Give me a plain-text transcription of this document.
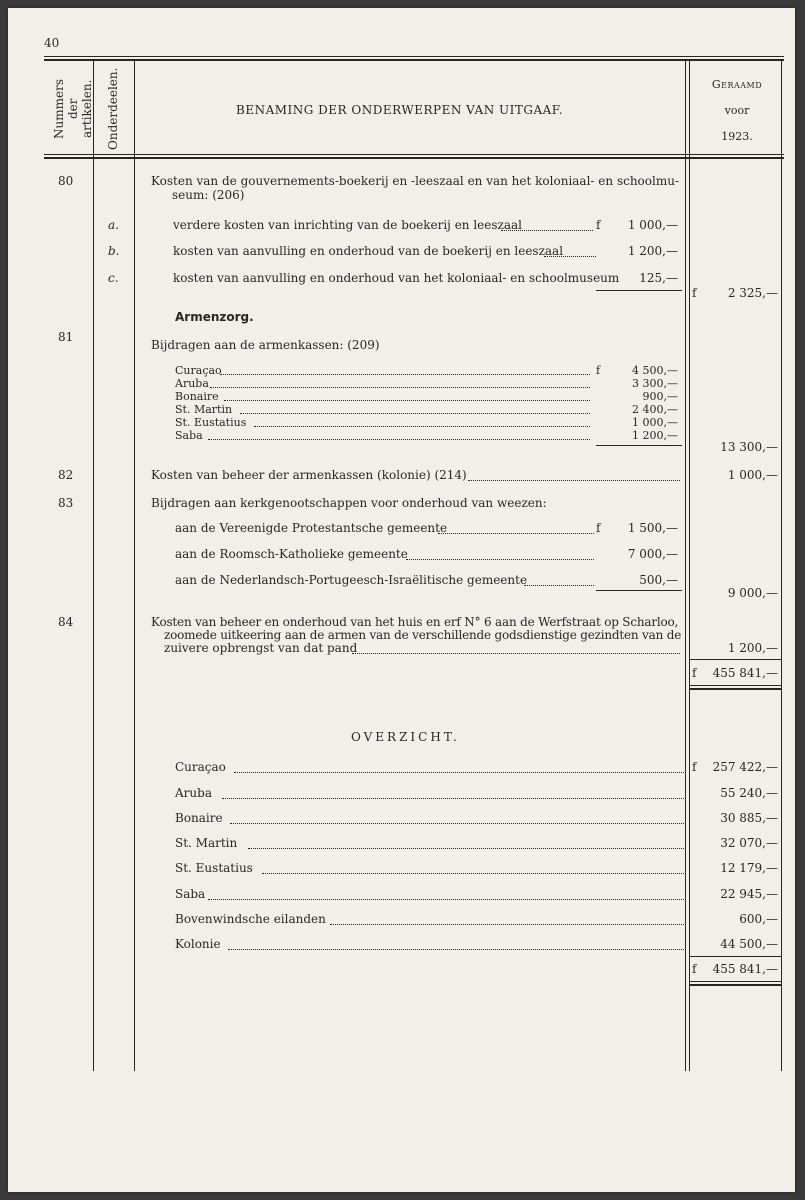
40
Nummers der artikelen. Onderdeelen.	BENAMING DER ONDERWERPEN VAN UITGAAF.
Geraamd
voor
1923.
80	Kosten van de gouvernements-boekerij en -leeszaal en van het koloniaal- en schoolmu-
seum: (206)
a.	verdere kosten van inrichting van de boekerij en leeszaal	f	1 000,—
b.	kosten van aanvulling en onderhoud van de boekerij en leeszaal	1 200,—
c.	kosten van aanvulling en onderhoud van het koloniaal- en schoolmuseum	125,—
f	2 325,—
Armenzorg.
81
Bijdragen aan de armenkassen: (209)
Curaçao	f	4 500,—
Aruba	3 300,—
Bonaire	900,—
St. Martin	2 400,—
St. Eustatius	1 000,—
Saba	1 200,—
13 300,—
82	Kosten van beheer der armenkassen (kolonie) (214)	1 000,—
83	Bijdragen aan kerkgenootschappen voor onderhoud van weezen:
aan de Vereenigde Protestantsche gemeente	f	1 500,—
aan de Roomsch-Katholieke gemeente	7 000,—
aan de Nederlandsch-Portugeesch-Israëlitische gemeente	500,—
9 000,—
84	Kosten van beheer en onderhoud van het huis en erf N° 6 aan de Werfstraat op Scharloo,
zoomede uitkeering aan de armen van de verschillende godsdienstige gezindten van de
zuivere opbrengst van dat pand	1 200,—
f	455 841,—
OVERZICHT.
Curaçao	f	257 422,—
Aruba	55 240,—
Bonaire	30 885,—
St. Martin	32 070,—
St. Eustatius	12 179,—
Saba	22 945,—
Bovenwindsche eilanden	600,—
Kolonie	44 500,—
f	455 841,—
